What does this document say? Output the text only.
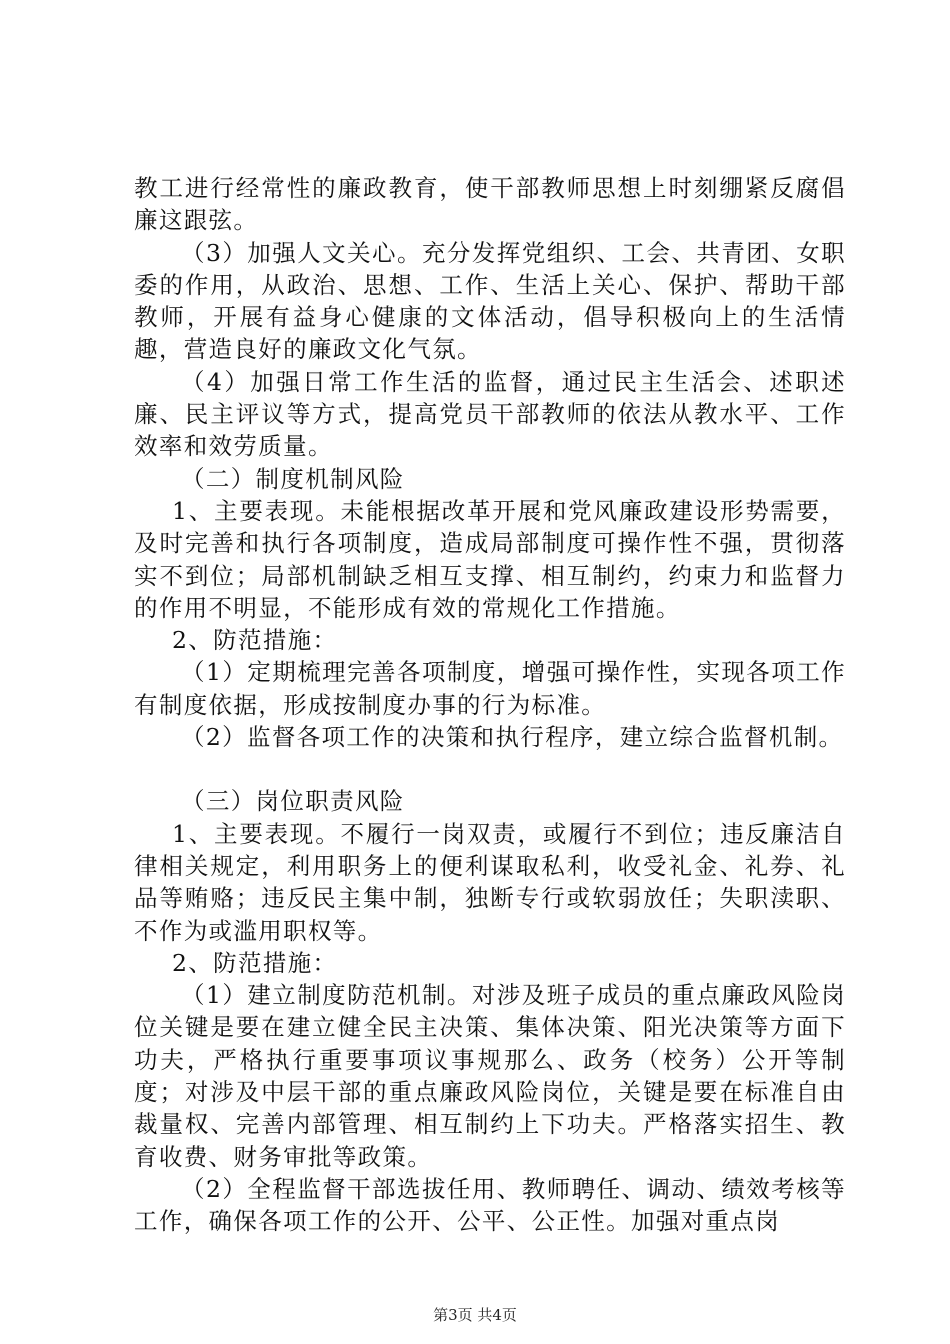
教工进行经常性的廉政教育，使干部教师思想上时刻绷紧反腐倡廉这跟弦。

（3）加强人文关心。充分发挥党组织、工会、共青团、女职委的作用，从政治、思想、工作、生活上关心、保护、帮助干部教师，开展有益身心健康的文体活动，倡导积极向上的生活情趣，营造良好的廉政文化气氛。

（4）加强日常工作生活的监督，通过民主生活会、述职述廉、民主评议等方式，提高党员干部教师的依法从教水平、工作效率和效劳质量。

（二）制度机制风险

1、主要表现。未能根据改革开展和党风廉政建设形势需要，及时完善和执行各项制度，造成局部制度可操作性不强，贯彻落实不到位；局部机制缺乏相互支撑、相互制约，约束力和监督力的作用不明显，不能形成有效的常规化工作措施。

2、防范措施：

（1）定期梳理完善各项制度，增强可操作性，实现各项工作有制度依据，形成按制度办事的行为标准。

（2）监督各项工作的决策和执行程序，建立综合监督机制。

（三）岗位职责风险

1、主要表现。不履行一岗双责，或履行不到位；违反廉洁自律相关规定，利用职务上的便利谋取私利，收受礼金、礼券、礼品等贿赂；违反民主集中制，独断专行或软弱放任；失职渎职、不作为或滥用职权等。

2、防范措施：

（1）建立制度防范机制。对涉及班子成员的重点廉政风险岗位关键是要在建立健全民主决策、集体决策、阳光决策等方面下功夫，严格执行重要事项议事规那么、政务（校务）公开等制度；对涉及中层干部的重点廉政风险岗位，关键是要在标准自由裁量权、完善内部管理、相互制约上下功夫。严格落实招生、教育收费、财务审批等政策。

（2）全程监督干部选拔任用、教师聘任、调动、绩效考核等工作，确保各项工作的公开、公平、公正性。加强对重点岗

第3页 共4页
